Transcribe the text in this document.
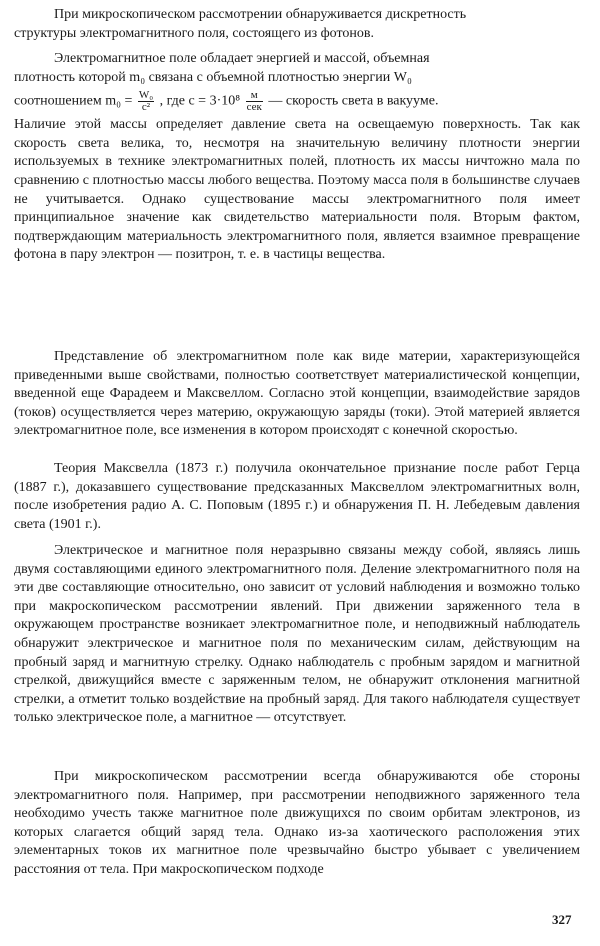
При микроскопическом рассмотрении обнаруживается дискретность

структуры электромагнитного поля, состоящего из фотонов.

Электромагнитное поле обладает энергией и массой, объемная

плотность которой m₀ связана с объемной плотностью энергии W₀

соотношением $m_0 = \frac{\text{W₀}}{\text{c²}}$ , где $c = 3\cdot 10^8 \frac{м}{\text{сек}}$ — скорость света в вакууме.

Наличие этой массы определяет давление света на освещаемую поверхность. Так как скорость света велика, то, несмотря на значительную величину плотности энергии используемых в технике электромагнитных полей, плотность их массы ничтожно мала по сравнению с плотностью массы любого вещества. Поэтому масса поля в большинстве случаев не учитывается. Однако существование массы электромагнитного поля имеет принципиальное значение как свидетельство материальности поля. Вторым фактом, подтверждающим материальность электромагнитного поля, является взаимное превращение фотона в пару электрон — позитрон, т. е. в частицы вещества.

Представление об электромагнитном поле как виде материи, характеризующейся приведенными выше свойствами, полностью соответствует материалистической концепции, введенной еще Фарадеем и Максвеллом. Согласно этой концепции, взаимодействие зарядов (токов) осуществляется через материю, окружающую заряды (токи). Этой материей является электромагнитное поле, все изменения в котором происходят с конечной скоростью.

Теория Максвелла (1873 г.) получила окончательное признание после работ Герца (1887 г.), доказавшего существование предсказанных Максвеллом электромагнитных волн, после изобретения радио А. С. Поповым (1895 г.) и обнаружения П. Н. Лебедевым давления света (1901 г.).

Электрическое и магнитное поля неразрывно связаны между собой, являясь лишь двумя составляющими единого электромагнитного поля. Деление электромагнитного поля на эти две составляющие относительно, оно зависит от условий наблюдения и возможно только при макроскопическом рассмотрении явлений. При движении заряженного тела в окружающем пространстве возникает электромагнитное поле, и неподвижный наблюдатель обнаружит электрическое и магнитное поля по механическим силам, действующим на пробный заряд и магнитную стрелку. Однако наблюдатель с пробным зарядом и магнитной стрелкой, движущийся вместе с заряженным телом, не обнаружит отклонения магнитной стрелки, а отметит только воздействие на пробный заряд. Для такого наблюдателя существует только электрическое поле, а магнитное — отсутствует.

При микроскопическом рассмотрении всегда обнаруживаются обе стороны электромагнитного поля. Например, при рассмотрении неподвижного заряженного тела необходимо учесть также магнитное поле движущихся по своим орбитам электронов, из которых слагается общий заряд тела. Однако из-за хаотического расположения этих элементарных токов их магнитное поле чрезвычайно быстро убывает с увеличением расстояния от тела. При макроскопическом подходе

327
